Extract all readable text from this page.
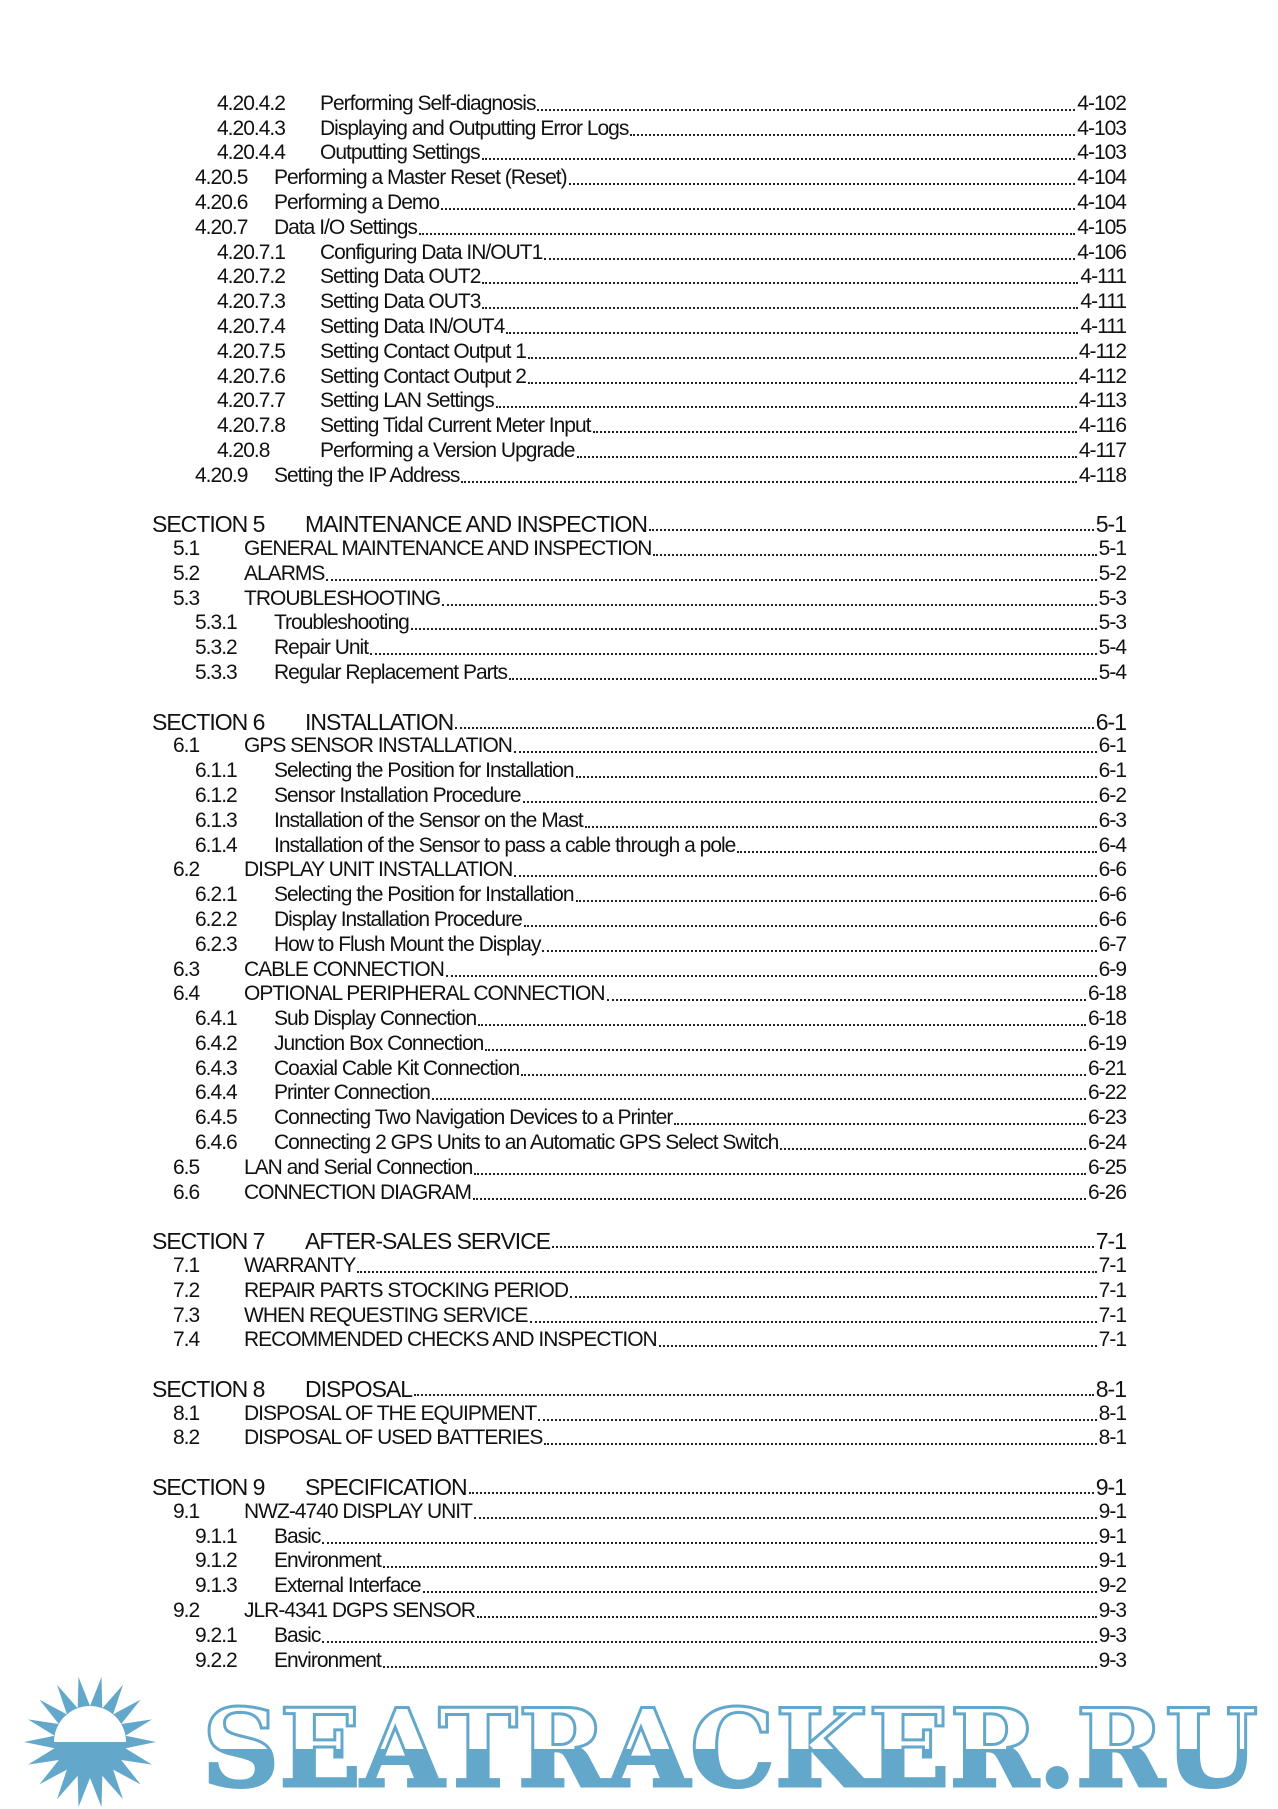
4.20.4.2 Performing Self-diagnosis	4-102
4.20.4.3 Displaying and Outputting Error Logs	4-103
4.20.4.4 Outputting Settings	4-103
4.20.5 Performing a Master Reset (Reset)	4-104
4.20.6 Performing a Demo	4-104
4.20.7 Data I/O Settings	4-105
4.20.7.1 Configuring Data IN/OUT1	4-106
4.20.7.2 Setting Data OUT2	4-111
4.20.7.3 Setting Data OUT3	4-111
4.20.7.4 Setting Data IN/OUT4	4-111
4.20.7.5 Setting Contact Output 1	4-112
4.20.7.6 Setting Contact Output 2	4-112
4.20.7.7 Setting LAN Settings	4-113
4.20.7.8 Setting Tidal Current Meter Input	4-116
4.20.8 Performing a Version Upgrade	4-117
4.20.9 Setting the IP Address	4-118
SECTION 5 MAINTENANCE AND INSPECTION	5-1
5.1 GENERAL MAINTENANCE AND INSPECTION	5-1
5.2 ALARMS	5-2
5.3 TROUBLESHOOTING	5-3
5.3.1 Troubleshooting	5-3
5.3.2 Repair Unit	5-4
5.3.3 Regular Replacement Parts	5-4
SECTION 6 INSTALLATION	6-1
6.1 GPS SENSOR INSTALLATION	6-1
6.1.1 Selecting the Position for Installation	6-1
6.1.2 Sensor Installation Procedure	6-2
6.1.3 Installation of the Sensor on the Mast	6-3
6.1.4 Installation of the Sensor to pass a cable through a pole	6-4
6.2 DISPLAY UNIT INSTALLATION	6-6
6.2.1 Selecting the Position for Installation	6-6
6.2.2 Display Installation Procedure	6-6
6.2.3 How to Flush Mount the Display	6-7
6.3 CABLE CONNECTION	6-9
6.4 OPTIONAL PERIPHERAL CONNECTION	6-18
6.4.1 Sub Display Connection	6-18
6.4.2 Junction Box Connection	6-19
6.4.3 Coaxial Cable Kit Connection	6-21
6.4.4 Printer Connection	6-22
6.4.5 Connecting Two Navigation Devices to a Printer	6-23
6.4.6 Connecting 2 GPS Units to an Automatic GPS Select Switch	6-24
6.5 LAN and Serial Connection	6-25
6.6 CONNECTION DIAGRAM	6-26
SECTION 7 AFTER-SALES SERVICE	7-1
7.1 WARRANTY	7-1
7.2 REPAIR PARTS STOCKING PERIOD	7-1
7.3 WHEN REQUESTING SERVICE	7-1
7.4 RECOMMENDED CHECKS AND INSPECTION	7-1
SECTION 8 DISPOSAL	8-1
8.1 DISPOSAL OF THE EQUIPMENT	8-1
8.2 DISPOSAL OF USED BATTERIES	8-1
SECTION 9 SPECIFICATION	9-1
9.1 NWZ-4740 DISPLAY UNIT	9-1
9.1.1 Basic	9-1
9.1.2 Environment	9-1
9.1.3 External Interface	9-2
9.2 JLR-4341 DGPS SENSOR	9-3
9.2.1 Basic	9-3
9.2.2 Environment	9-3
SEATRACKER.RU
